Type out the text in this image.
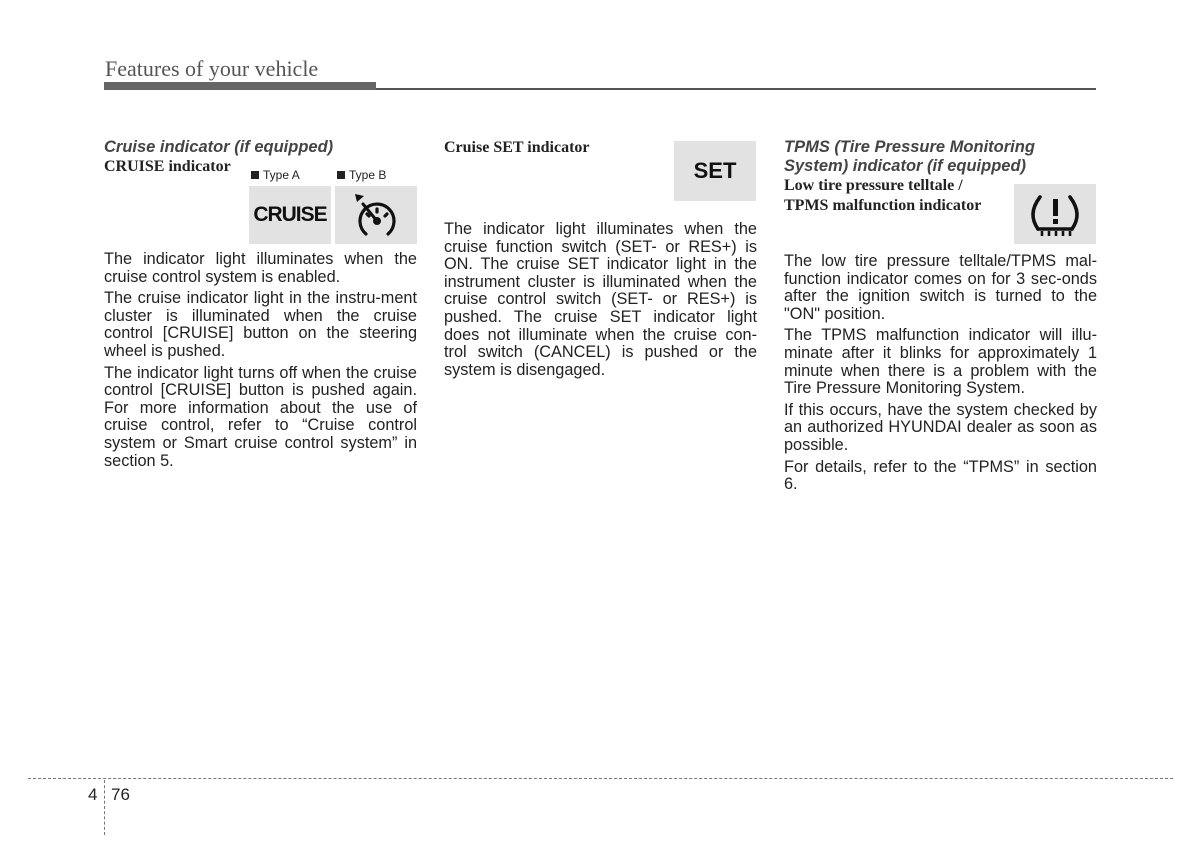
Features of your vehicle

Cruise indicator (if equipped)

CRUISE indicator

The indicator light illuminates when the cruise control system is enabled.

The cruise indicator light in the instru-ment cluster is illuminated when the cruise control [CRUISE] button on the steering wheel is pushed.

The indicator light turns off when the cruise control [CRUISE] button is pushed again. For more information about the use of cruise control, refer to “Cruise control system or Smart cruise control system” in section 5.

Type A	Type B
CRUISE

Cruise SET indicator

The indicator light illuminates when the cruise function switch (SET- or RES+) is ON. The cruise SET indicator light in the instrument cluster is illuminated when the cruise control switch (SET- or RES+) is pushed. The cruise SET indicator light does not illuminate when the cruise con-trol switch (CANCEL) is pushed or the system is disengaged.

SET

TPMS (Tire Pressure Monitoring

System) indicator (if equipped)

Low tire pressure telltale /

TPMS malfunction indicator

The low tire pressure telltale/TPMS mal-function indicator comes on for 3 sec-onds after the ignition switch is turned to the "ON" position.

The TPMS malfunction indicator will illu-minate after it blinks for approximately 1 minute when there is a problem with the Tire Pressure Monitoring System.

If this occurs, have the system checked by an authorized HYUNDAI dealer as soon as possible.

For details, refer to the “TPMS” in section 6.

4 76
